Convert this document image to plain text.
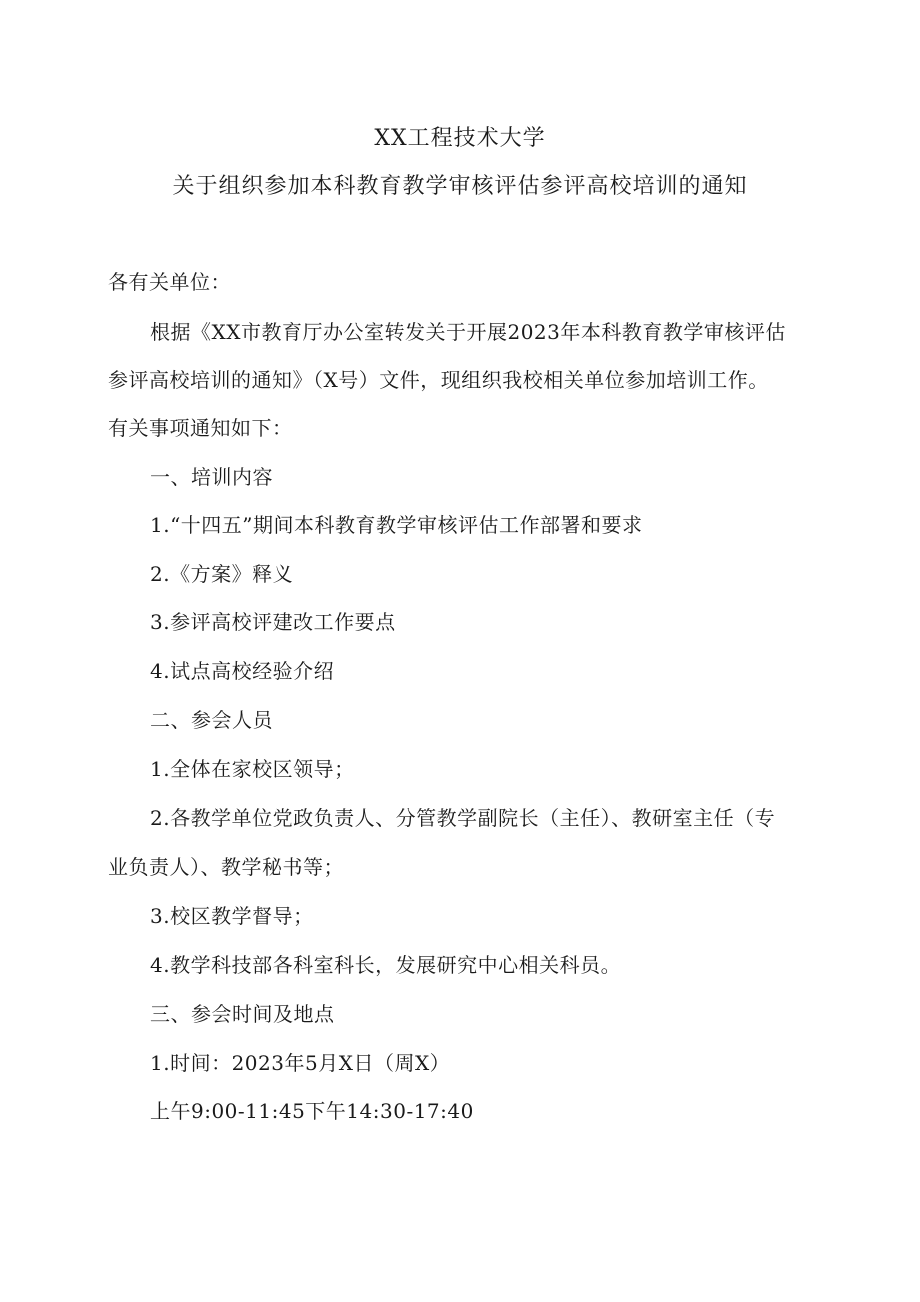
XX工程技术大学
关于组织参加本科教育教学审核评估参评高校培训的通知
各有关单位：
根据《XX市教育厅办公室转发关于开展2023年本科教育教学审核评估
参评高校培训的通知》（X号）文件，现组织我校相关单位参加培训工作。
有关事项通知如下：
一、培训内容
1.“十四五”期间本科教育教学审核评估工作部署和要求
2.《方案》释义
3.参评高校评建改工作要点
4.试点高校经验介绍
二、参会人员
1.全体在家校区领导；
2.各教学单位党政负责人、分管教学副院长（主任）、教研室主任（专
业负责人）、教学秘书等；
3.校区教学督导；
4.教学科技部各科室科长，发展研究中心相关科员。
三、参会时间及地点
1.时间：2023年5月X日（周X）
上午9:00-11:45下午14:30-17:40
